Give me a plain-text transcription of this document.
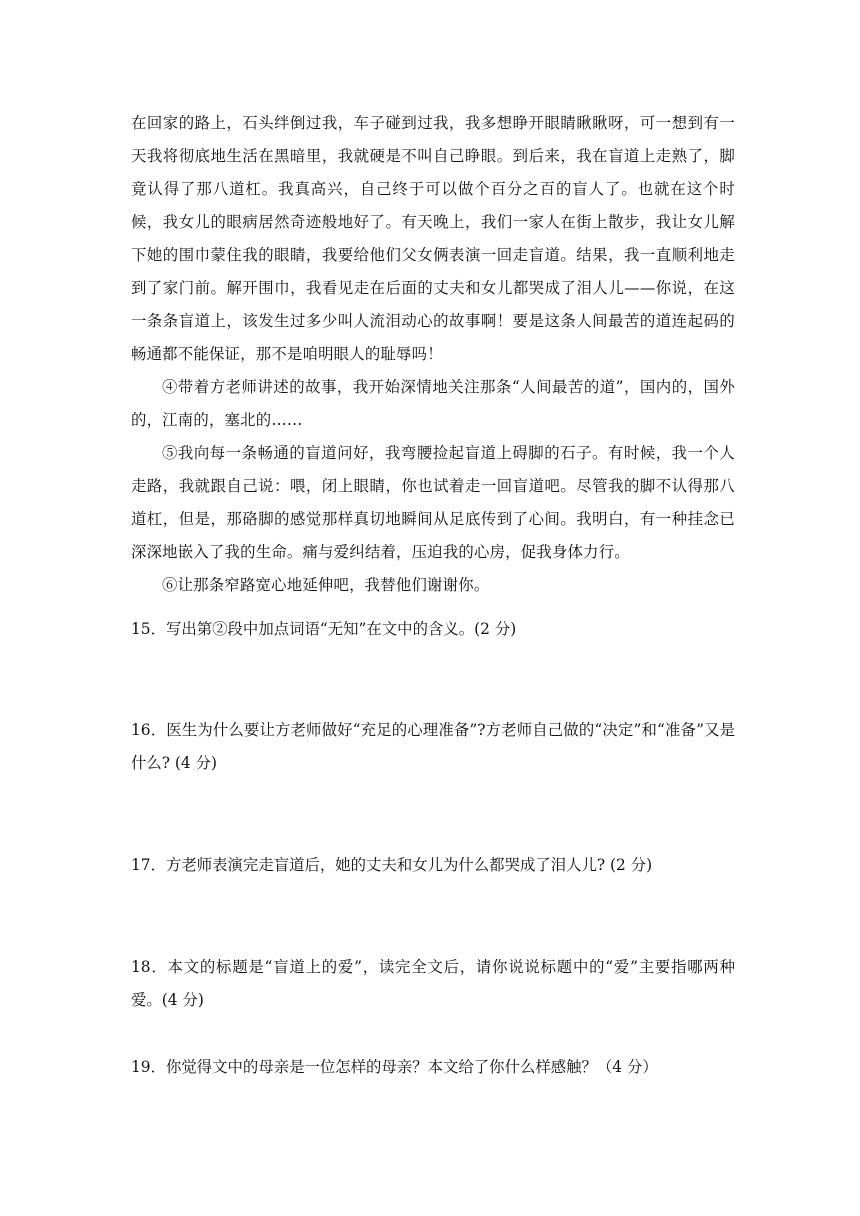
在回家的路上，石头绊倒过我，车子碰到过我，我多想睁开眼睛瞅瞅呀，可一想到有一天我将彻底地生活在黑暗里，我就硬是不叫自己睁眼。到后来，我在盲道上走熟了，脚竟认得了那八道杠。我真高兴，自己终于可以做个百分之百的盲人了。也就在这个时候，我女儿的眼病居然奇迹般地好了。有天晚上，我们一家人在街上散步，我让女儿解下她的围巾蒙住我的眼睛，我要给他们父女俩表演一回走盲道。结果，我一直顺利地走到了家门前。解开围巾，我看见走在后面的丈夫和女儿都哭成了泪人儿——你说，在这一条条盲道上，该发生过多少叫人流泪动心的故事啊！要是这条人间最苦的道连起码的畅通都不能保证，那不是咱明眼人的耻辱吗！

④带着方老师讲述的故事，我开始深情地关注那条“人间最苦的道”，国内的，国外的，江南的，塞北的……

⑤我向每一条畅通的盲道问好，我弯腰捡起盲道上碍脚的石子。有时候，我一个人走路，我就跟自己说：喂，闭上眼睛，你也试着走一回盲道吧。尽管我的脚不认得那八道杠，但是，那硌脚的感觉那样真切地瞬间从足底传到了心间。我明白，有一种挂念已深深地嵌入了我的生命。痛与爱纠结着，压迫我的心房，促我身体力行。

⑥让那条窄路宽心地延伸吧，我替他们谢谢你。

15．写出第②段中加点词语“无知”在文中的含义。(2 分)

16．医生为什么要让方老师做好“充足的心理准备”?方老师自己做的“决定”和“准备”又是什么? (4 分)

17．方老师表演完走盲道后，她的丈夫和女儿为什么都哭成了泪人儿? (2 分)

18．本文的标题是“盲道上的爱”，读完全文后，请你说说标题中的“爱”主要指哪两种爱。(4 分)

19．你觉得文中的母亲是一位怎样的母亲？本文给了你什么样感触？（4 分）
